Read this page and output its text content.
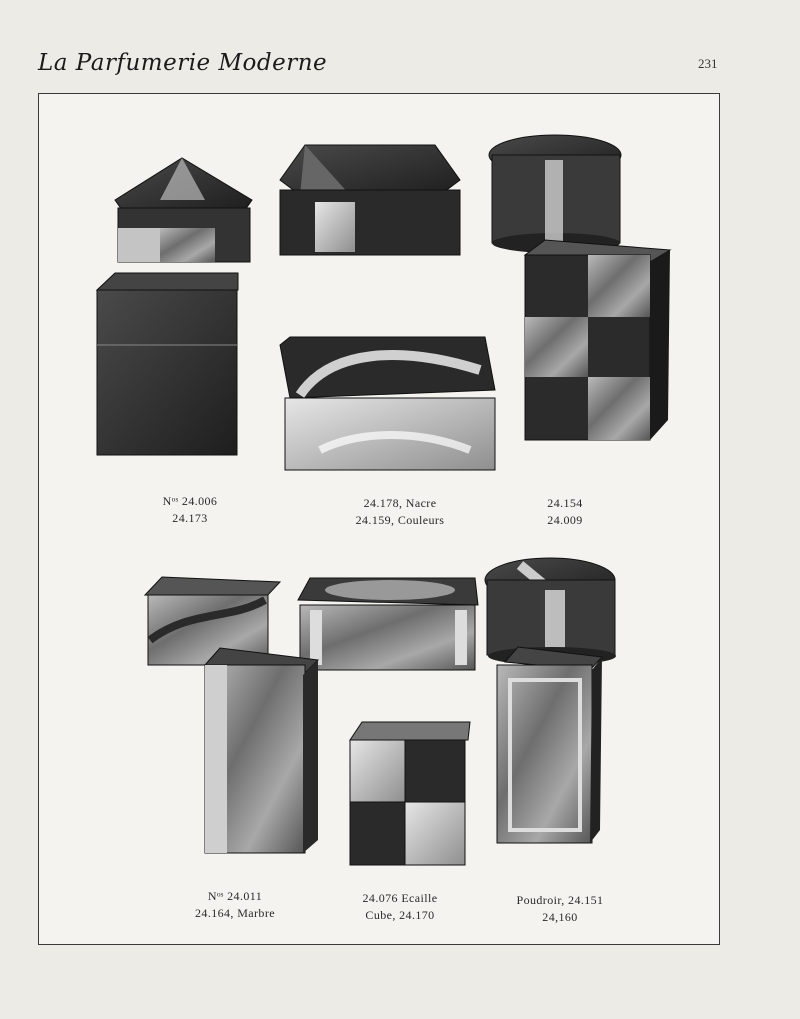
La Parfumerie Moderne	231
Nᵒˢ 24.006
24.173
24.178, Nacre
24.159, Couleurs
24.154
24.009
Nᵒˢ 24.011
24.164, Marbre
24.076 Ecaille
Cube, 24.170
Poudroir, 24.151
24,160
